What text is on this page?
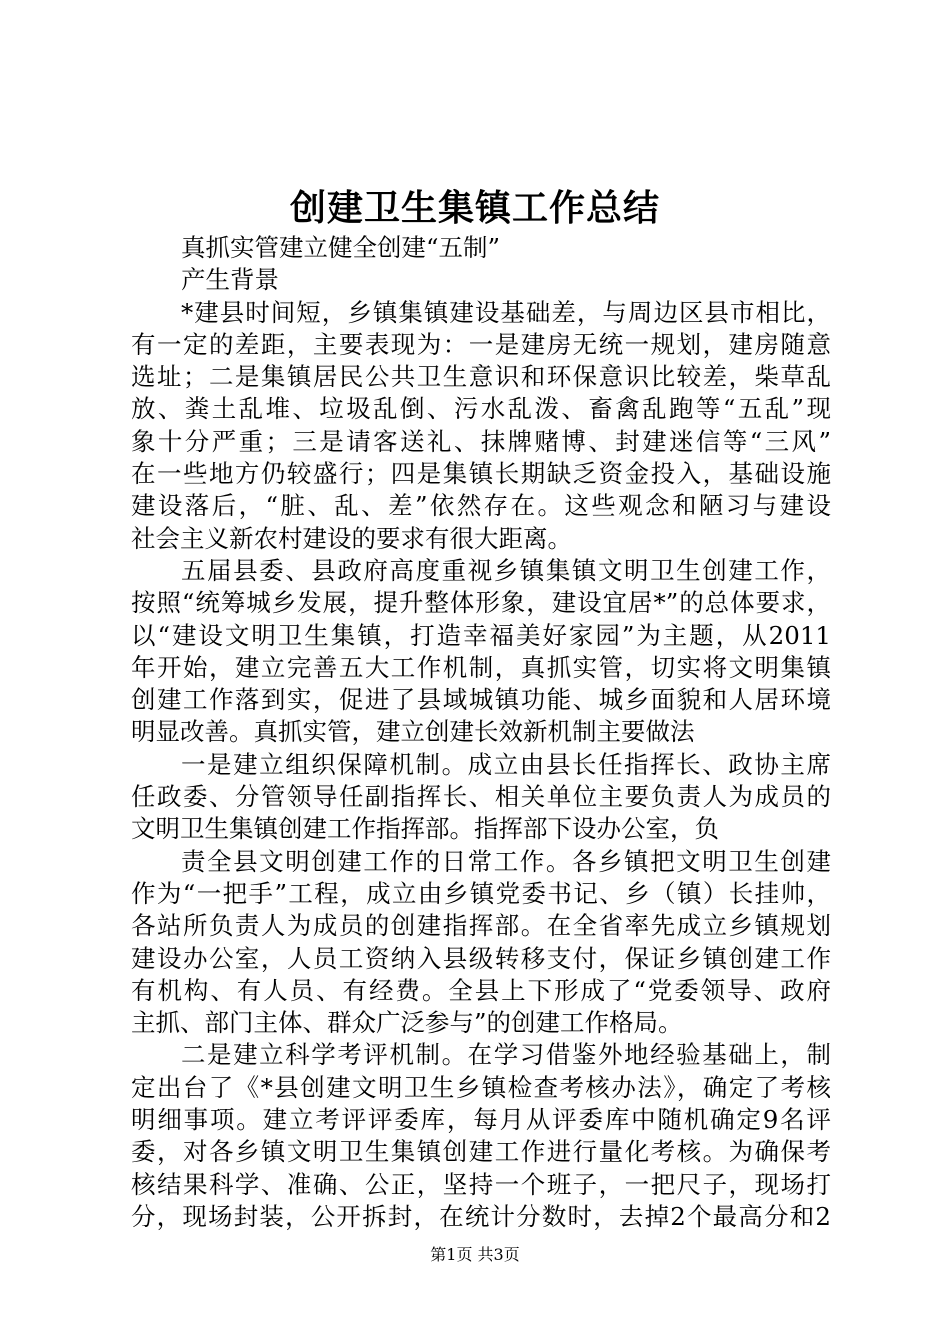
创建卫生集镇工作总结
真抓实管建立健全创建“五制”
产生背景
*建县时间短，乡镇集镇建设基础差，与周边区县市相比，
有一定的差距，主要表现为：一是建房无统一规划，建房随意
选址；二是集镇居民公共卫生意识和环保意识比较差，柴草乱
放、粪土乱堆、垃圾乱倒、污水乱泼、畜禽乱跑等“五乱”现
象十分严重；三是请客送礼、抹牌赌博、封建迷信等“三风”
在一些地方仍较盛行；四是集镇长期缺乏资金投入，基础设施
建设落后，“脏、乱、差”依然存在。这些观念和陋习与建设
社会主义新农村建设的要求有很大距离。
五届县委、县政府高度重视乡镇集镇文明卫生创建工作，
按照“统筹城乡发展，提升整体形象，建设宜居*”的总体要求，
以“建设文明卫生集镇，打造幸福美好家园”为主题，从2011
年开始，建立完善五大工作机制，真抓实管，切实将文明集镇
创建工作落到实，促进了县域城镇功能、城乡面貌和人居环境
明显改善。真抓实管，建立创建长效新机制主要做法
一是建立组织保障机制。成立由县长任指挥长、政协主席
任政委、分管领导任副指挥长、相关单位主要负责人为成员的
文明卫生集镇创建工作指挥部。指挥部下设办公室，负
责全县文明创建工作的日常工作。各乡镇把文明卫生创建
作为“一把手”工程，成立由乡镇党委书记、乡（镇）长挂帅，
各站所负责人为成员的创建指挥部。在全省率先成立乡镇规划
建设办公室，人员工资纳入县级转移支付，保证乡镇创建工作
有机构、有人员、有经费。全县上下形成了“党委领导、政府
主抓、部门主体、群众广泛参与”的创建工作格局。
二是建立科学考评机制。在学习借鉴外地经验基础上，制
定出台了《*县创建文明卫生乡镇检查考核办法》，确定了考核
明细事项。建立考评评委库，每月从评委库中随机确定9名评
委，对各乡镇文明卫生集镇创建工作进行量化考核。为确保考
核结果科学、准确、公正，坚持一个班子，一把尺子，现场打
分，现场封装，公开拆封，在统计分数时，去掉2个最高分和2
第1页 共3页
